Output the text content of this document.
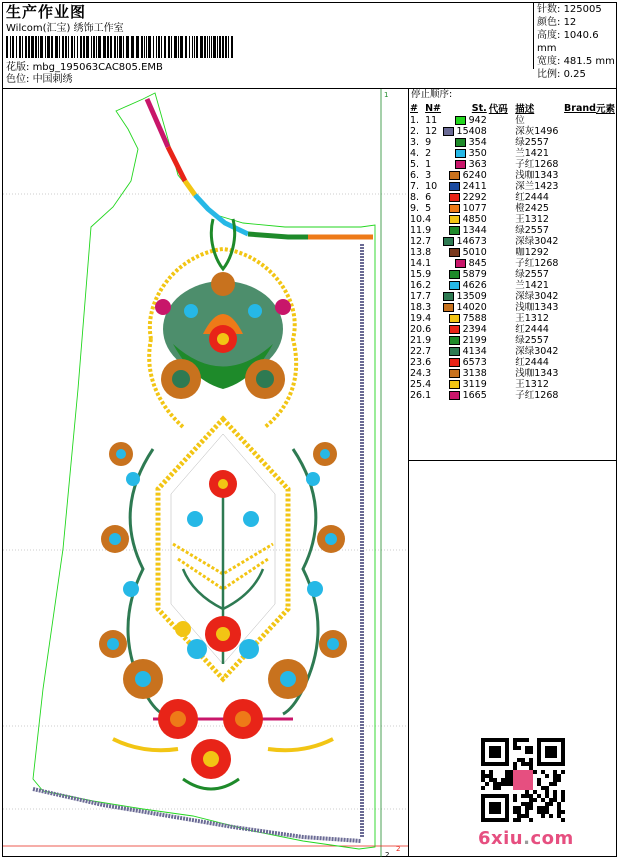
生产作业图
Wilcom(汇宝) 绣饰工作室
花版: mbg_195063CAC805.EMB
色位: 中国刺绣
针数: 125005
颜色: 12
高度: 1040.6 mm
宽度: 481.5 mm
比例: 0.25
停止顺序:
#	N#	St.	代码	描述	Brand	元素
1.	11	942		位		
2.	12	15408		深灰1496		
3.	9	354		绿2557		
4.	2	350		兰1421		
5.	1	363		子红1268		
6.	3	6240		浅咖1343		
7.	10	2411		深兰1423		
8.	6	2292		红2444		
9.	5	1077		橙2425		
10.	4	4850		王1312		
11.	9	1344		绿2557		
12.	7	14673		深绿3042		
13.	8	5010		咖1292		
14.	1	845		子红1268		
15.	9	5879		绿2557		
16.	2	4626		兰1421		
17.	7	13509		深绿3042		
18.	3	14020		浅咖1343		
19.	4	7588		王1312		
20.	6	2394		红2444		
21.	9	2199		绿2557		
22.	7	4134		深绿3042		
23.	6	6573		红2444		
24.	3	3138		浅咖1343		
25.	4	3119		王1312		
26.	1	1665		子红1268		
1
2
2
6xiu.com
